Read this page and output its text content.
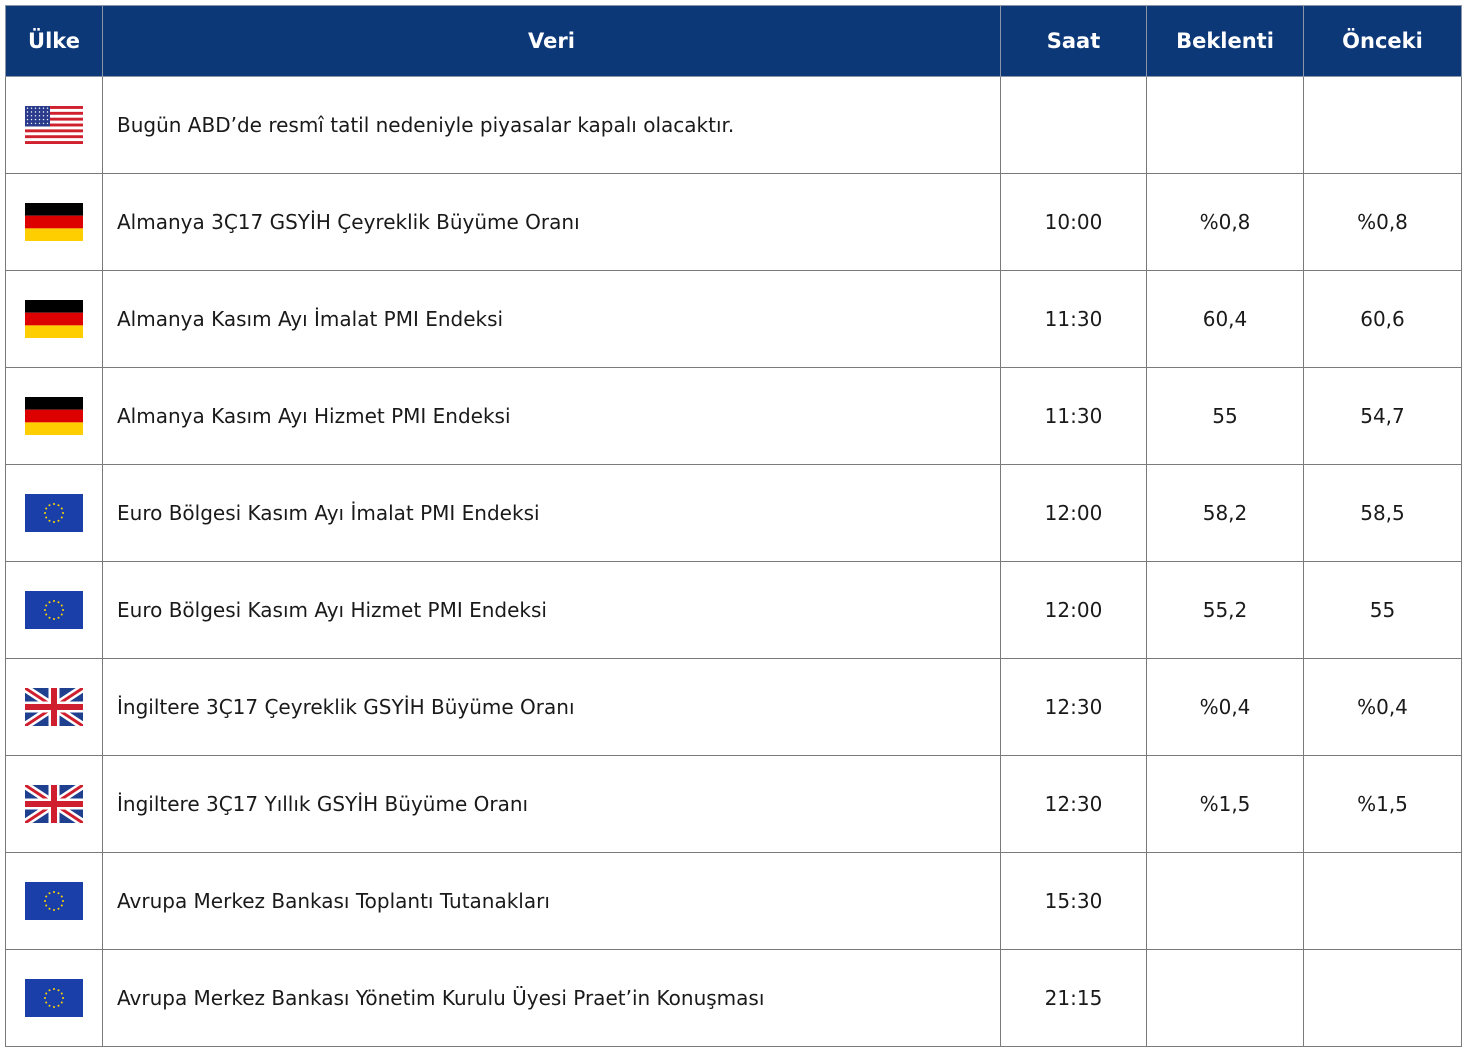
Ülke	Veri	Saat	Beklenti	Önceki

	Bugün ABD’de resmî tatil nedeniyle piyasalar kapalı olacaktır.			

	Almanya 3Ç17 GSYİH Çeyreklik Büyüme Oranı	10:00	%0,8	%0,8

	Almanya Kasım Ayı İmalat PMI Endeksi	11:30	60,4	60,6

	Almanya Kasım Ayı Hizmet PMI Endeksi	11:30	55	54,7

	Euro Bölgesi Kasım Ayı İmalat PMI Endeksi	12:00	58,2	58,5

	Euro Bölgesi Kasım Ayı Hizmet PMI Endeksi	12:00	55,2	55

	İngiltere 3Ç17 Çeyreklik GSYİH Büyüme Oranı	12:30	%0,4	%0,4

	İngiltere 3Ç17 Yıllık GSYİH Büyüme Oranı	12:30	%1,5	%1,5

	Avrupa Merkez Bankası Toplantı Tutanakları	15:30		

	Avrupa Merkez Bankası Yönetim Kurulu Üyesi Praet’in Konuşması	21:15		
